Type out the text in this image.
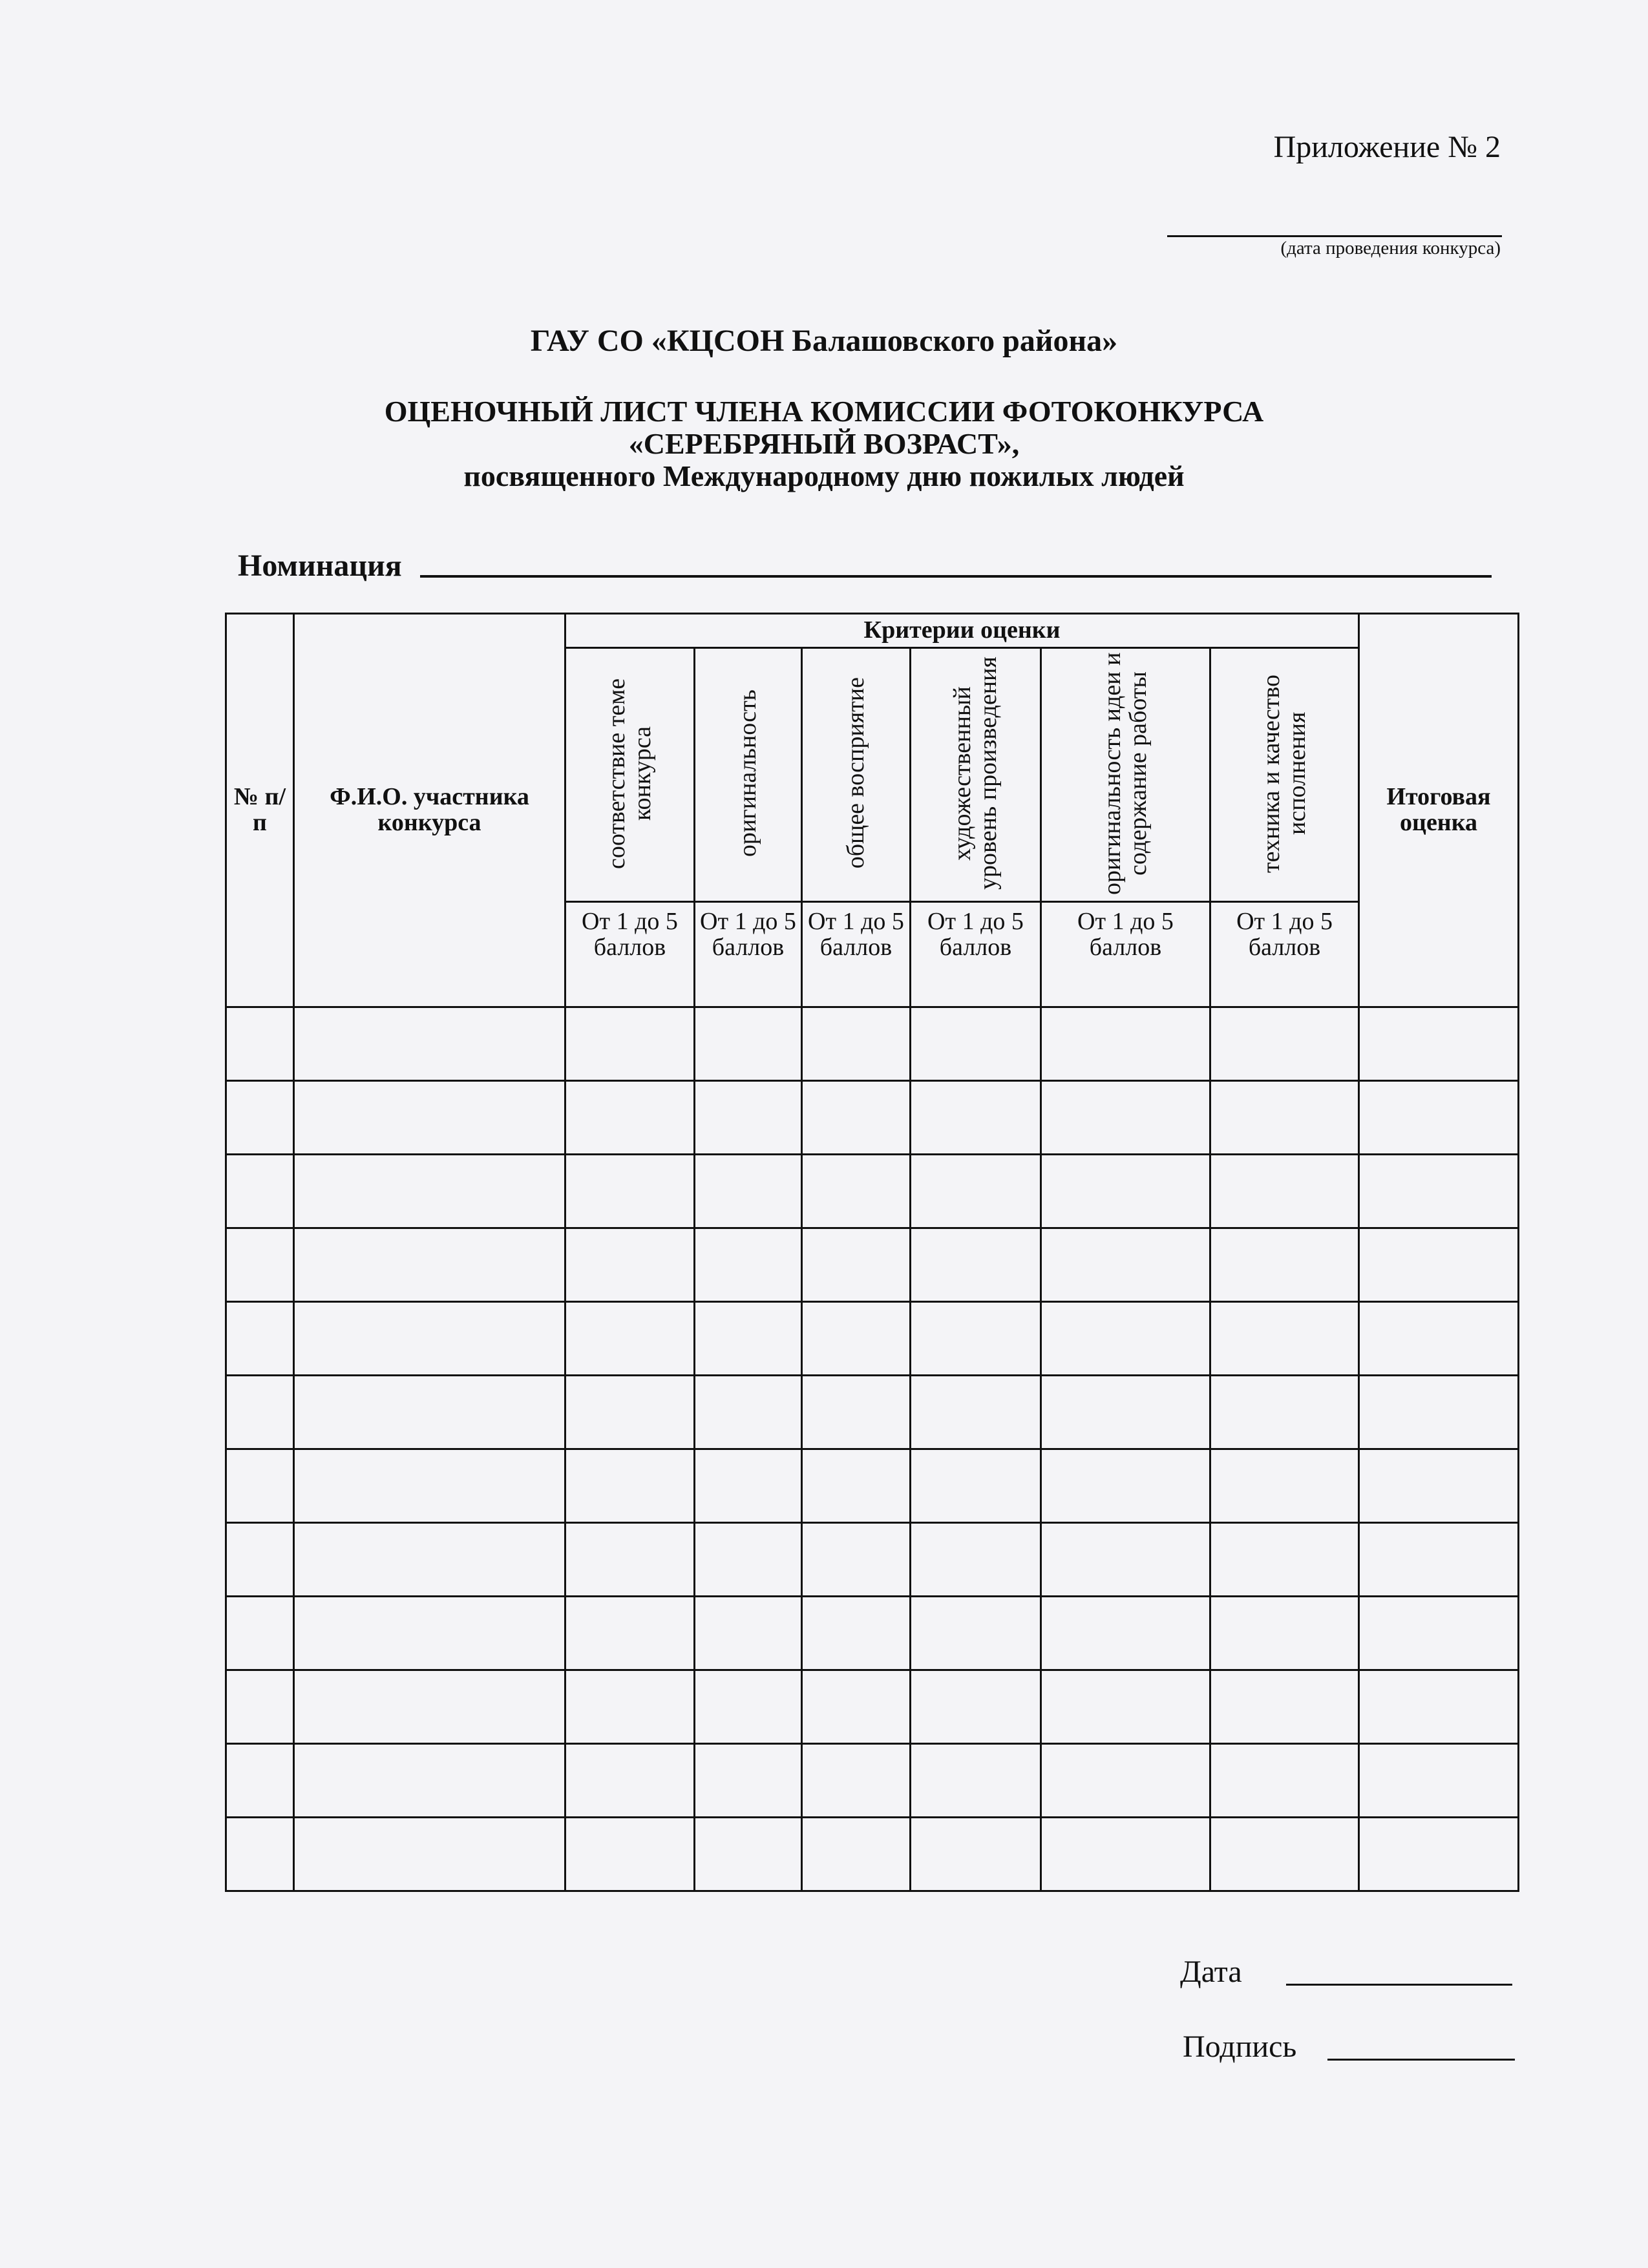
Приложение № 2
(дата проведения конкурса)
ГАУ СО «КЦСОН Балашовского района»
ОЦЕНОЧНЫЙ ЛИСТ ЧЛЕНА КОМИССИИ ФОТОКОНКУРСА
«СЕРЕБРЯНЫЙ ВОЗРАСТ»,
посвященного Международному дню пожилых людей
Номинация
№ п/п	Ф.И.О. участника конкурса	Критерии оценки						Итоговая оценка
		соответствие теме конкурса	оригинальность	общее восприятие	художественный уровень произведения	оригинальность идеи и содержание работы	техника и качество исполнения	
		От 1 до 5 баллов	От 1 до 5 баллов	От 1 до 5 баллов	От 1 до 5 баллов	От 1 до 5 баллов	От 1 до 5 баллов	

Дата
Подпись
